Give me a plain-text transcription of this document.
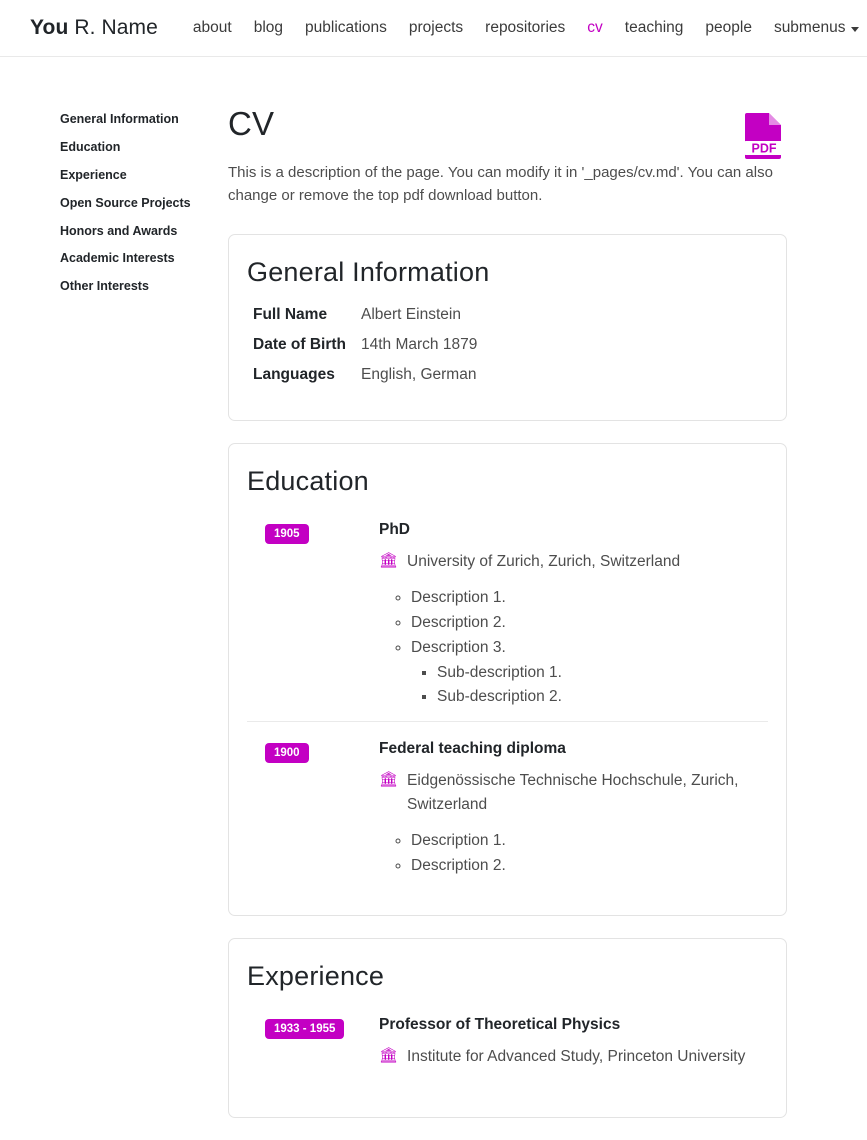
You R. Name	about	blog	publications	projects	repositories	cv	teaching	people	submenus
General Information
Education
Experience
Open Source Projects
Honors and Awards
Academic Interests
Other Interests
CV
PDF

This is a description of the page. You can modify it in '_pages/cv.md'. You can also change or remove the top pdf download button.

General Information
Full Name	Albert Einstein
Date of Birth 14th March 1879
Languages	English, German
Education
1905	PhD
🏛 University of Zurich, Zurich, Switzerland
◦ Description 1.
◦ Description 2.
◦ Description 3.
▪ Sub-description 1.
▪ Sub-description 2.
1900	Federal teaching diploma
🏛 Eidgenössische Technische Hochschule, Zurich, Switzerland
◦ Description 1.
◦ Description 2.
Experience
1933 - 1955	Professor of Theoretical Physics
🏛 Institute for Advanced Study, Princeton University
